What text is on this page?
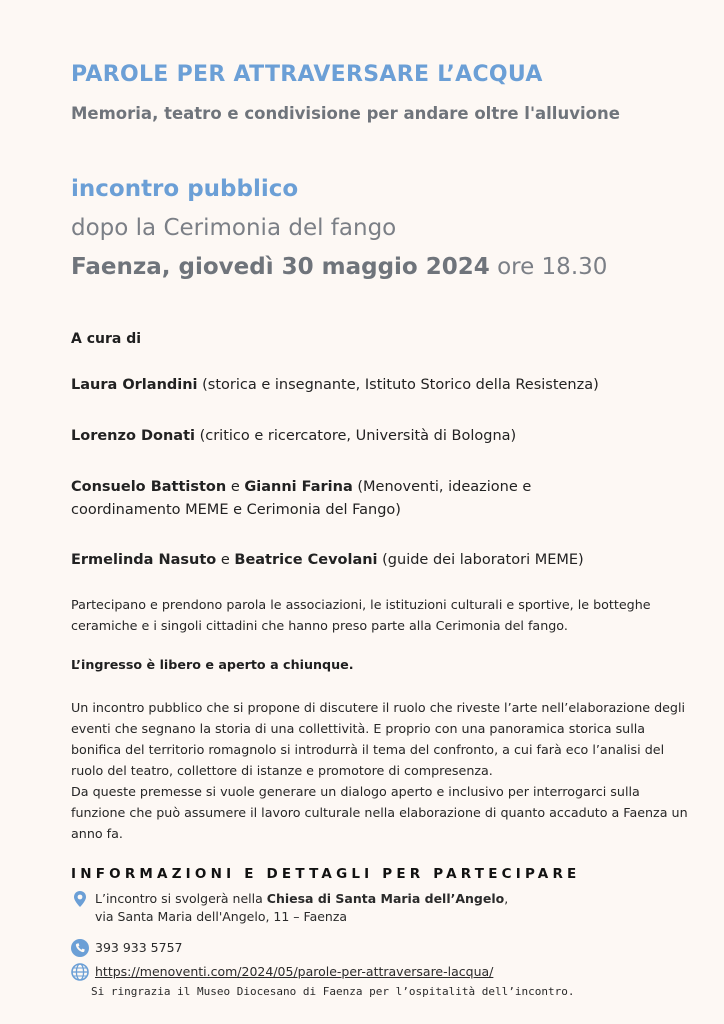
PAROLE PER ATTRAVERSARE L’ACQUA
Memoria, teatro e condivisione per andare oltre l'alluvione
incontro pubblico
dopo la Cerimonia del fango
Faenza, giovedì 30 maggio 2024 ore 18.30
A cura di
Laura Orlandini (storica e insegnante, Istituto Storico della Resistenza)
Lorenzo Donati (critico e ricercatore, Università di Bologna)
Consuelo Battiston e Gianni Farina (Menoventi, ideazione e coordinamento MEME e Cerimonia del Fango)
Ermelinda Nasuto e Beatrice Cevolani (guide dei laboratori MEME)
Partecipano e prendono parola le associazioni, le istituzioni culturali e sportive, le botteghe ceramiche e i singoli cittadini che hanno preso parte alla Cerimonia del fango.
L’ingresso è libero e aperto a chiunque.
Un incontro pubblico che si propone di discutere il ruolo che riveste l’arte nell’elaborazione degli eventi che segnano la storia di una collettività. E proprio con una panoramica storica sulla bonifica del territorio romagnolo si introdurrà il tema del confronto, a cui farà eco l’analisi del ruolo del teatro, collettore di istanze e promotore di compresenza.
Da queste premesse si vuole generare un dialogo aperto e inclusivo per interrogarci sulla funzione che può assumere il lavoro culturale nella elaborazione di quanto accaduto a Faenza un anno fa.
INFORMAZIONI E DETTAGLI PER PARTECIPARE
L’incontro si svolgerà nella Chiesa di Santa Maria dell’Angelo,
via Santa Maria dell'Angelo, 11 – Faenza
393 933 5757
https://menoventi.com/2024/05/parole-per-attraversare-lacqua/
Si ringrazia il Museo Diocesano di Faenza per l’ospitalità dell’incontro.
